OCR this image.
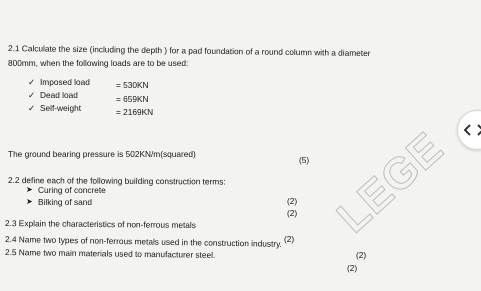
2.1 Calculate the size (including the depth ) for a pad foundation of a round column with a diameter
800mm, when the following loads are to be used:
✓ Imposed load	= 530KN
✓ Dead load	= 659KN
✓ Self-weight	= 2169KN
The ground bearing pressure is 502KN/m(squared)
(5)
2.2 define each of the following building construction terms:
➤ Curing of concrete
(2)
➤ Bilking of sand
(2)
2.3 Explain the characteristics of non-ferrous metals
(2)
2.4 Name two types of non-ferrous metals used in the construction industry.
(2)
2.5 Name two main materials used to manufacturer steel.
(2)
LEGE
